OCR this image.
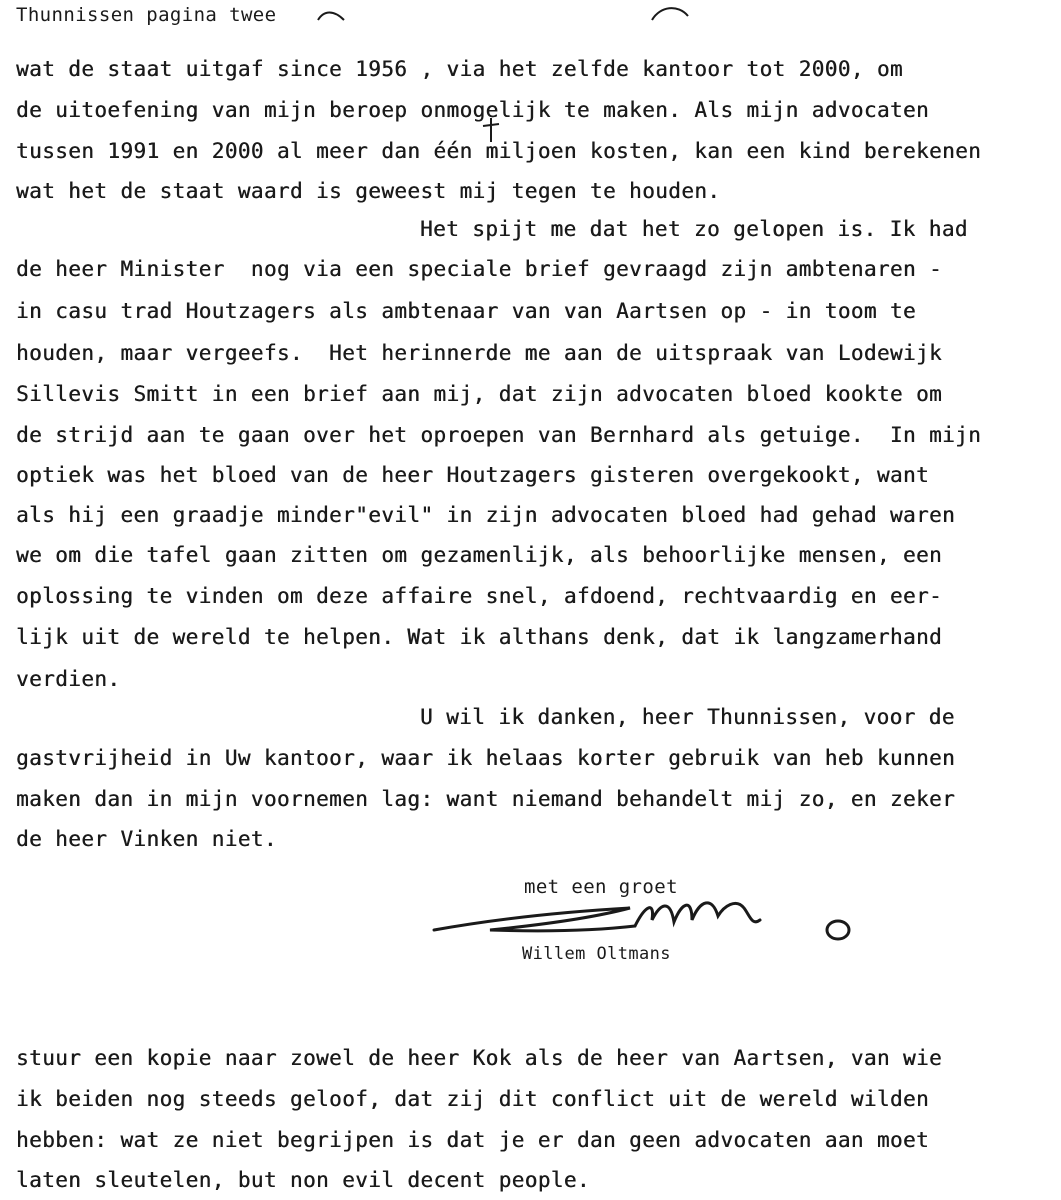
Thunnissen pagina twee
wat de staat uitgaf since 1956 , via het zelfde kantoor tot 2000, om
de uitoefening van mijn beroep onmogelijk te maken. Als mijn advocaten
tussen 1991 en 2000 al meer dan één miljoen kosten, kan een kind berekenen
wat het de staat waard is geweest mij tegen te houden.
Het spijt me dat het zo gelopen is. Ik had
de heer Minister  nog via een speciale brief gevraagd zijn ambtenaren -
in casu trad Houtzagers als ambtenaar van van Aartsen op - in toom te
houden, maar vergeefs.  Het herinnerde me aan de uitspraak van Lodewijk
Sillevis Smitt in een brief aan mij, dat zijn advocaten bloed kookte om
de strijd aan te gaan over het oproepen van Bernhard als getuige.  In mijn
optiek was het bloed van de heer Houtzagers gisteren overgekookt, want
als hij een graadje minder"evil" in zijn advocaten bloed had gehad waren
we om die tafel gaan zitten om gezamenlijk, als behoorlijke mensen, een
oplossing te vinden om deze affaire snel, afdoend, rechtvaardig en eer-
lijk uit de wereld te helpen. Wat ik althans denk, dat ik langzamerhand
verdien.
U wil ik danken, heer Thunnissen, voor de
gastvrijheid in Uw kantoor, waar ik helaas korter gebruik van heb kunnen
maken dan in mijn voornemen lag: want niemand behandelt mij zo, en zeker
de heer Vinken niet.
met een groet
Willem Oltmans
stuur een kopie naar zowel de heer Kok als de heer van Aartsen, van wie
ik beiden nog steeds geloof, dat zij dit conflict uit de wereld wilden
hebben: wat ze niet begrijpen is dat je er dan geen advocaten aan moet
laten sleutelen, but non evil decent people.
